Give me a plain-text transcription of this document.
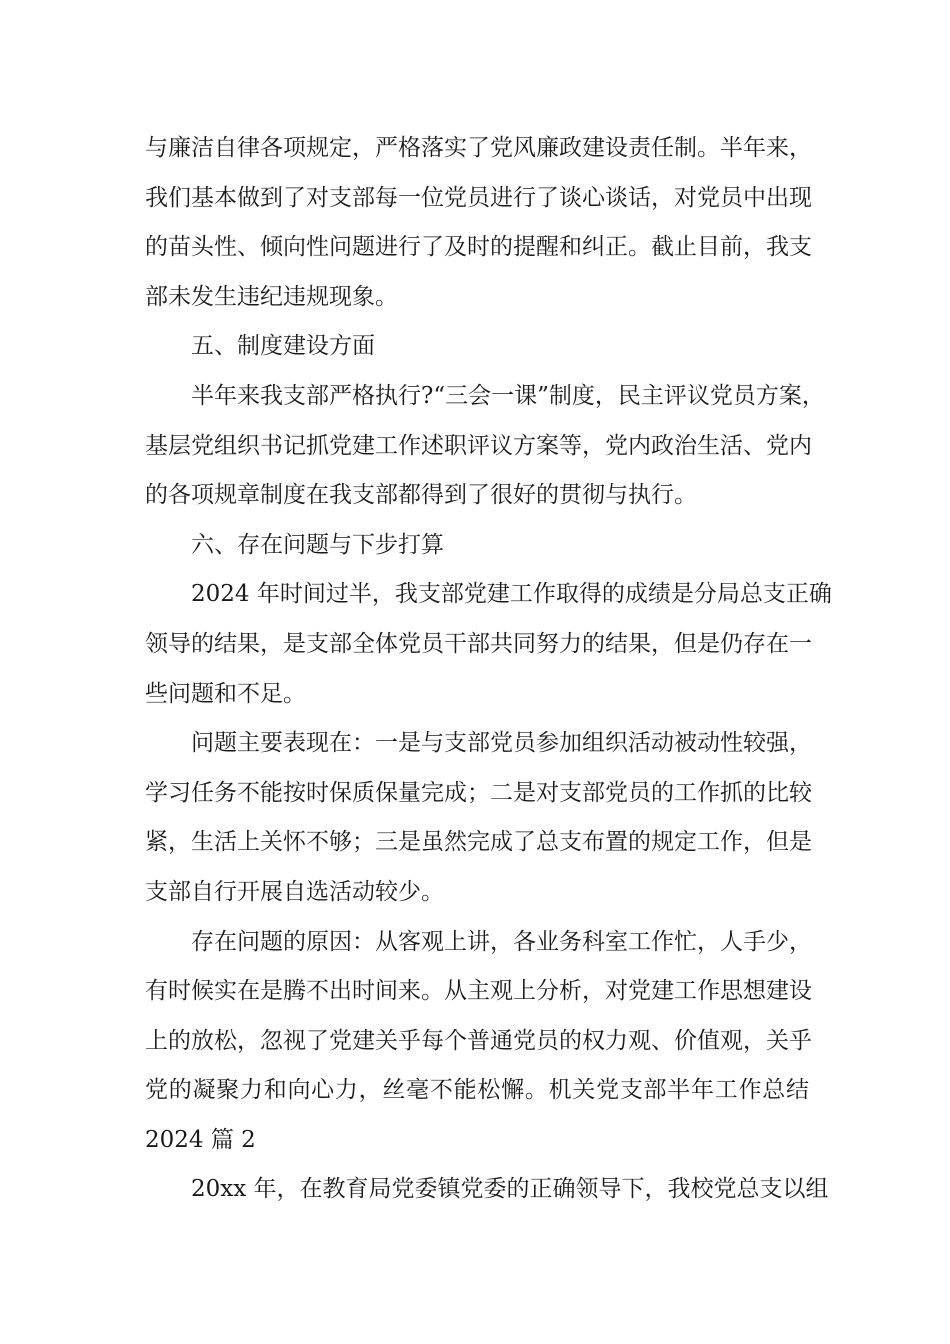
与廉洁自律各项规定，严格落实了党风廉政建设责任制。半年来，
我们基本做到了对支部每一位党员进行了谈心谈话，对党员中出现
的苗头性、倾向性问题进行了及时的提醒和纠正。截止目前，我支
部未发生违纪违规现象。
五、制度建设方面
半年来我支部严格执行?“三会一课”制度，民主评议党员方案，
基层党组织书记抓党建工作述职评议方案等，党内政治生活、党内
的各项规章制度在我支部都得到了很好的贯彻与执行。
六、存在问题与下步打算
2024 年时间过半，我支部党建工作取得的成绩是分局总支正确
领导的结果，是支部全体党员干部共同努力的结果，但是仍存在一
些问题和不足。
问题主要表现在：一是与支部党员参加组织活动被动性较强，
学习任务不能按时保质保量完成；二是对支部党员的工作抓的比较
紧，生活上关怀不够；三是虽然完成了总支布置的规定工作，但是
支部自行开展自选活动较少。
存在问题的原因：从客观上讲，各业务科室工作忙，人手少，
有时候实在是腾不出时间来。从主观上分析，对党建工作思想建设
上的放松，忽视了党建关乎每个普通党员的权力观、价值观，关乎
党的凝聚力和向心力，丝毫不能松懈。机关党支部半年工作总结
2024 篇 2
20xx 年，在教育局党委镇党委的正确领导下，我校党总支以组
